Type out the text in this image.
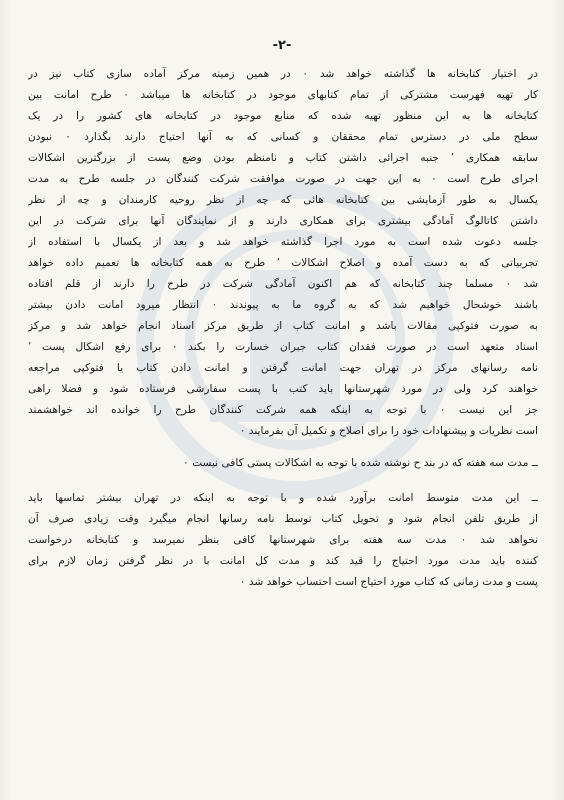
-۲-
در اختیار کتابخانه ها گذاشته خواهد شد ۰ در همین زمینه مرکز آماده سازی کتاب نیز در
کار تهیه فهرست مشترکی از تمام کتابهای موجود در کتابخانه ها میباشد ۰ طرح امانت بین
کتابخانه ها به این منظور تهیه شده که منابع موجود در کتابخانه های کشور را در یک
سطح ملی در دسترس تمام محققان و کسانی که به آنها احتیاج دارند بگذارد ۰ نبودن
سابقه همکاری ٬ جنبه اجرائی داشتن کتاب و نامنظم بودن وضع پست از بزرگترین اشکالات
اجرای طرح است ۰ به این جهت در صورت موافقت شرکت کنندگان در جلسه طرح به مدت
یکسال به طور آزمایشی بین کتابخانه هائی که چه از نظر روحیه کارمندان و چه از نظر
داشتن کاتالوگ آمادگی بیشتری برای همکاری دارند و از نمایندگان آنها برای شرکت در این
جلسه دعوت شده است به مورد اجرا گذاشته خواهد شد و بعد از یکسال با استفاده از
تجربیاتی که به دست آمده و اصلاح اشکالات ٬ طرح به همه کتابخانه ها تعمیم داده خواهد
شد ۰ مسلما چند کتابخانه که هم اکنون آمادگی شرکت در طرح را دارند از قلم افتاده
باشند خوشحال خواهیم شد که به گروه ما به پیوندند ۰ انتظار میرود امانت دادن بیشتر
به صورت فتوکپی مقالات باشد و امانت کتاب از طریق مرکز اسناد انجام خواهد شد و مرکز
اسناد متعهد است در صورت فقدان کتاب جبران خسارت را بکند ۰ برای رفع اشکال پست ٬
نامه رسانهای مرکز در تهران جهت امانت گرفتن و امانت دادن کتاب یا فتوکپی مراجعه
خواهند کرد ولی در مورد شهرستانها باید کتب با پست سفارشی فرستاده شود و فضلا راهی
جز این نیست ۰ با توجه به اینکه همه شرکت کنندگان طرح را خوانده اند خواهشمند
است نظریات و پیشنهادات خود را برای اصلاح و تکمیل آن بفرمایند ۰
ــ مدت سه هفته که در بند ح نوشته شده با توجه به اشکالات پستی کافی نیست ۰
ــ این مدت متوسط امانت برآورد شده و با توجه به اینکه در تهران بیشتر تماسها باید
از طریق تلفن انجام شود و تحویل کتاب توسط نامه رسانها انجام میگیرد وقت زیادی صرف آن
نخواهد شد ۰ مدت سه هفته برای شهرستانها کافی بنظر نمیرسد و کتابخانه درخواست
کننده باید مدت مورد احتیاج را قید کند و مدت کل امانت با در نظر گرفتن زمان لازم برای
پست و مدت زمانی که کتاب مورد احتیاج است احتساب خواهد شد ۰
